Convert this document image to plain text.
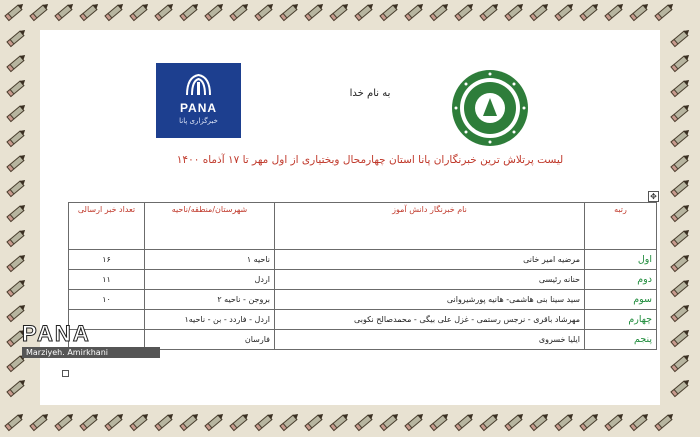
PANA
خبرگزاری پانا
به نام خدا
لیست پرتلاش ترین خبرنگاران پانا استان چهارمحال وبختیاری از اول مهر تا ۱۷ آذماه ۱۴۰۰
✥
رتبه	نام خبرنگار دانش آموز	شهرستان/منطقه/ناحیه	تعداد خبر ارسالی
اول	مرضیه امیر خانی	ناحیه ۱	۱۶
دوم	حنانه رئیسی	اردل	۱۱
سوم	سید سینا بنی هاشمی- هانیه پورشیروانی	بروجن - ناحیه ۲	۱۰
چهارم	مهرشاد باقری - نرجس رستمی - غزل علی بیگی - محمدصالح نکوبی	اردل - فاردد - بن - ناحیه۱	
پنجم	ایلیا خسروی	فارسان	
PANA
Marziyeh. Amirkhani
